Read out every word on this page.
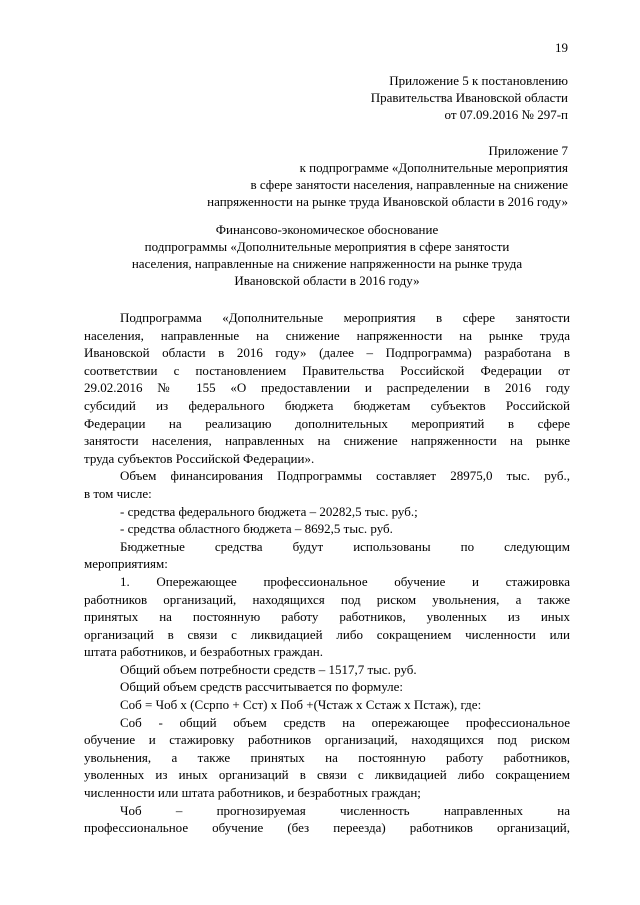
19
Приложение 5 к постановлению
Правительства Ивановской области
от 07.09.2016 № 297-п
Приложение 7
к подпрограмме «Дополнительные мероприятия
в сфере занятости населения, направленные на снижение
напряженности на рынке труда Ивановской области в 2016 году»
Финансово-экономическое обоснование
подпрограммы «Дополнительные мероприятия в сфере занятости
населения, направленные на снижение напряженности на рынке труда
Ивановской области в 2016 году»

Подпрограмма «Дополнительные мероприятия в сфере занятости
населения, направленные на снижение напряженности на рынке труда
Ивановской области в 2016 году» (далее – Подпрограмма) разработана в
соответствии с постановлением Правительства Российской Федерации от
29.02.2016 № 155 «О предоставлении и распределении в 2016 году
субсидий из федерального бюджета бюджетам субъектов Российской
Федерации на реализацию дополнительных мероприятий в сфере
занятости населения, направленных на снижение напряженности на рынке
труда субъектов Российской Федерации».

Объем финансирования Подпрограммы составляет 28975,0 тыс. руб.,
в том числе:

- средства федерального бюджета – 20282,5 тыс. руб.;

- средства областного бюджета – 8692,5 тыс. руб.

Бюджетные средства будут использованы по следующим
мероприятиям:

1. Опережающее профессиональное обучение и стажировка
работников организаций, находящихся под риском увольнения, а также
принятых на постоянную работу работников, уволенных из иных
организаций в связи с ликвидацией либо сокращением численности или
штата работников, и безработных граждан.

Общий объем потребности средств – 1517,7 тыс. руб.

Общий объем средств рассчитывается по формуле:

Соб = Чоб х (Ссрпо + Сст) х Поб +(Чстаж х Сстаж х Пстаж), где:

Соб - общий объем средств на опережающее профессиональное
обучение и стажировку работников организаций, находящихся под риском
увольнения, а также принятых на постоянную работу работников,
уволенных из иных организаций в связи с ликвидацией либо сокращением
численности или штата работников, и безработных граждан;

Чоб – прогнозируемая численность направленных на
профессиональное обучение (без переезда) работников организаций,
